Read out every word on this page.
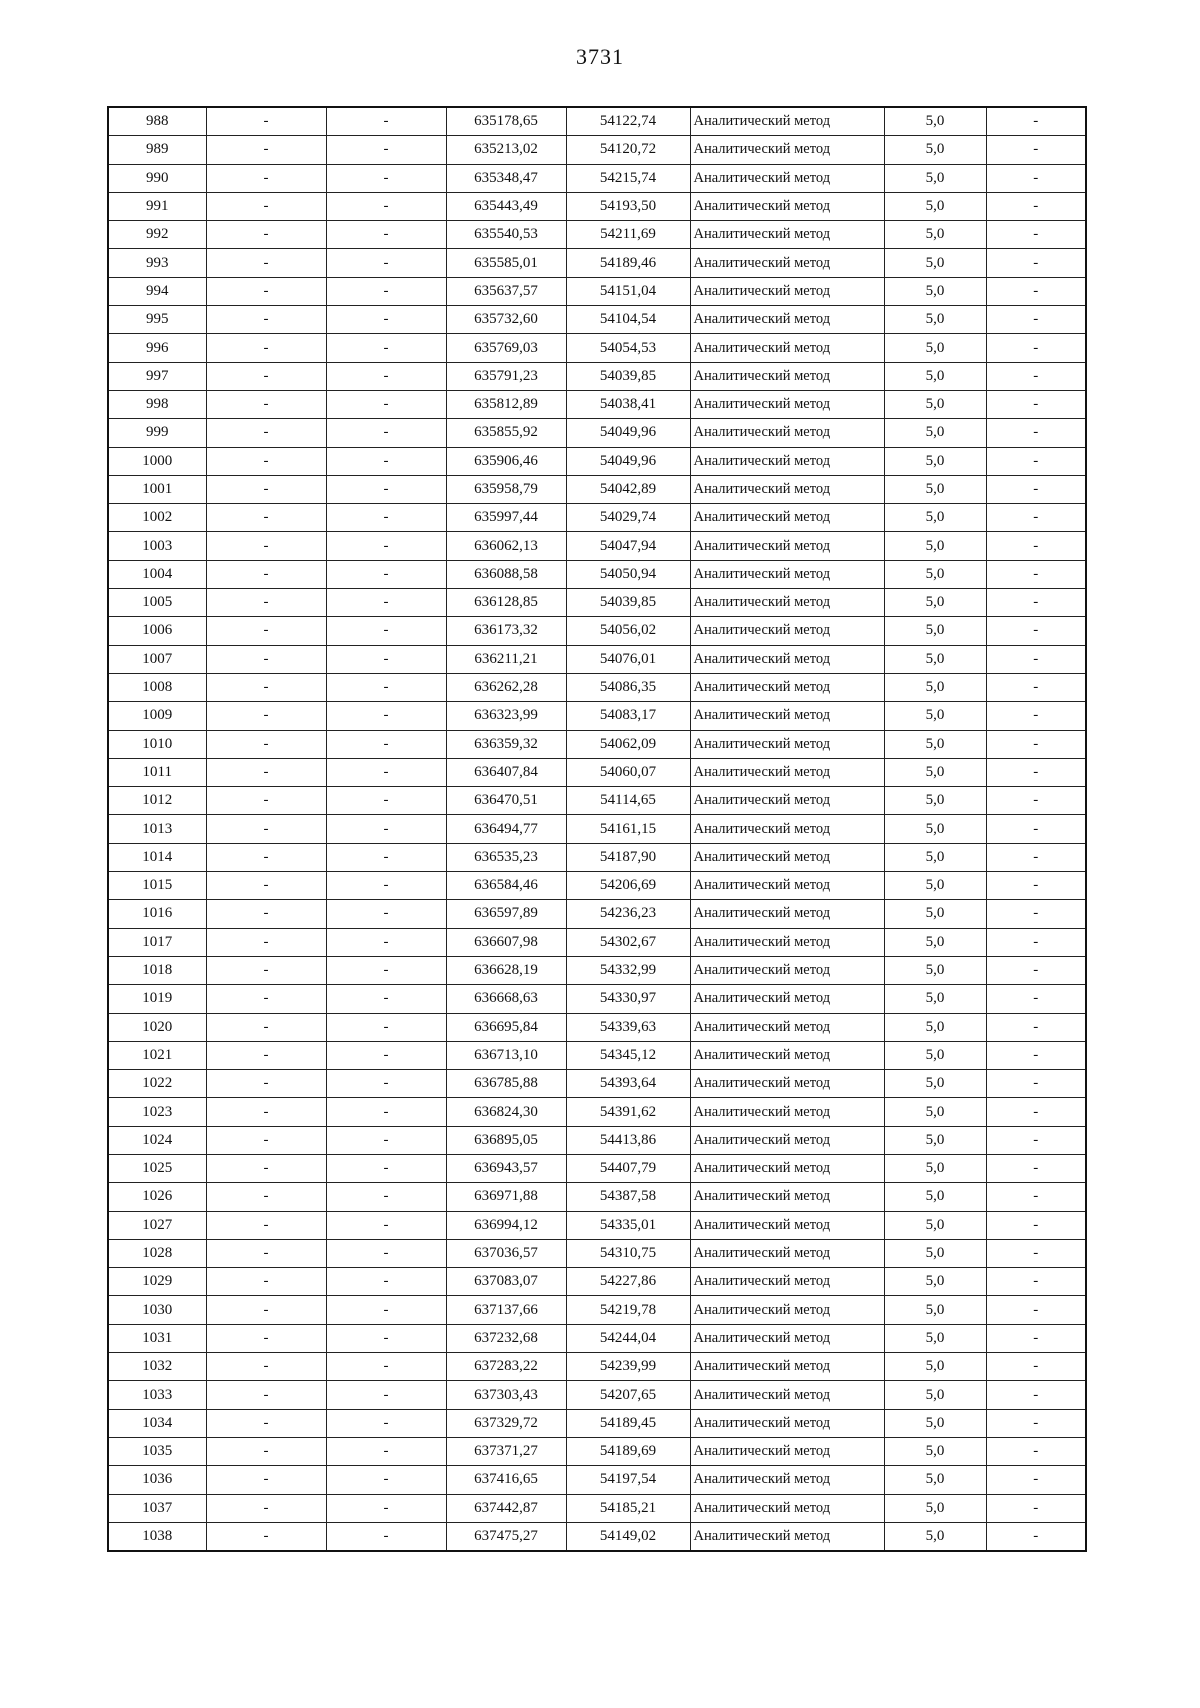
3731
988	-	-	635178,65	54122,74	Аналитический метод	5,0	-
989	-	-	635213,02	54120,72	Аналитический метод	5,0	-
990	-	-	635348,47	54215,74	Аналитический метод	5,0	-
991	-	-	635443,49	54193,50	Аналитический метод	5,0	-
992	-	-	635540,53	54211,69	Аналитический метод	5,0	-
993	-	-	635585,01	54189,46	Аналитический метод	5,0	-
994	-	-	635637,57	54151,04	Аналитический метод	5,0	-
995	-	-	635732,60	54104,54	Аналитический метод	5,0	-
996	-	-	635769,03	54054,53	Аналитический метод	5,0	-
997	-	-	635791,23	54039,85	Аналитический метод	5,0	-
998	-	-	635812,89	54038,41	Аналитический метод	5,0	-
999	-	-	635855,92	54049,96	Аналитический метод	5,0	-
1000	-	-	635906,46	54049,96	Аналитический метод	5,0	-
1001	-	-	635958,79	54042,89	Аналитический метод	5,0	-
1002	-	-	635997,44	54029,74	Аналитический метод	5,0	-
1003	-	-	636062,13	54047,94	Аналитический метод	5,0	-
1004	-	-	636088,58	54050,94	Аналитический метод	5,0	-
1005	-	-	636128,85	54039,85	Аналитический метод	5,0	-
1006	-	-	636173,32	54056,02	Аналитический метод	5,0	-
1007	-	-	636211,21	54076,01	Аналитический метод	5,0	-
1008	-	-	636262,28	54086,35	Аналитический метод	5,0	-
1009	-	-	636323,99	54083,17	Аналитический метод	5,0	-
1010	-	-	636359,32	54062,09	Аналитический метод	5,0	-
1011	-	-	636407,84	54060,07	Аналитический метод	5,0	-
1012	-	-	636470,51	54114,65	Аналитический метод	5,0	-
1013	-	-	636494,77	54161,15	Аналитический метод	5,0	-
1014	-	-	636535,23	54187,90	Аналитический метод	5,0	-
1015	-	-	636584,46	54206,69	Аналитический метод	5,0	-
1016	-	-	636597,89	54236,23	Аналитический метод	5,0	-
1017	-	-	636607,98	54302,67	Аналитический метод	5,0	-
1018	-	-	636628,19	54332,99	Аналитический метод	5,0	-
1019	-	-	636668,63	54330,97	Аналитический метод	5,0	-
1020	-	-	636695,84	54339,63	Аналитический метод	5,0	-
1021	-	-	636713,10	54345,12	Аналитический метод	5,0	-
1022	-	-	636785,88	54393,64	Аналитический метод	5,0	-
1023	-	-	636824,30	54391,62	Аналитический метод	5,0	-
1024	-	-	636895,05	54413,86	Аналитический метод	5,0	-
1025	-	-	636943,57	54407,79	Аналитический метод	5,0	-
1026	-	-	636971,88	54387,58	Аналитический метод	5,0	-
1027	-	-	636994,12	54335,01	Аналитический метод	5,0	-
1028	-	-	637036,57	54310,75	Аналитический метод	5,0	-
1029	-	-	637083,07	54227,86	Аналитический метод	5,0	-
1030	-	-	637137,66	54219,78	Аналитический метод	5,0	-
1031	-	-	637232,68	54244,04	Аналитический метод	5,0	-
1032	-	-	637283,22	54239,99	Аналитический метод	5,0	-
1033	-	-	637303,43	54207,65	Аналитический метод	5,0	-
1034	-	-	637329,72	54189,45	Аналитический метод	5,0	-
1035	-	-	637371,27	54189,69	Аналитический метод	5,0	-
1036	-	-	637416,65	54197,54	Аналитический метод	5,0	-
1037	-	-	637442,87	54185,21	Аналитический метод	5,0	-
1038	-	-	637475,27	54149,02	Аналитический метод	5,0	-
